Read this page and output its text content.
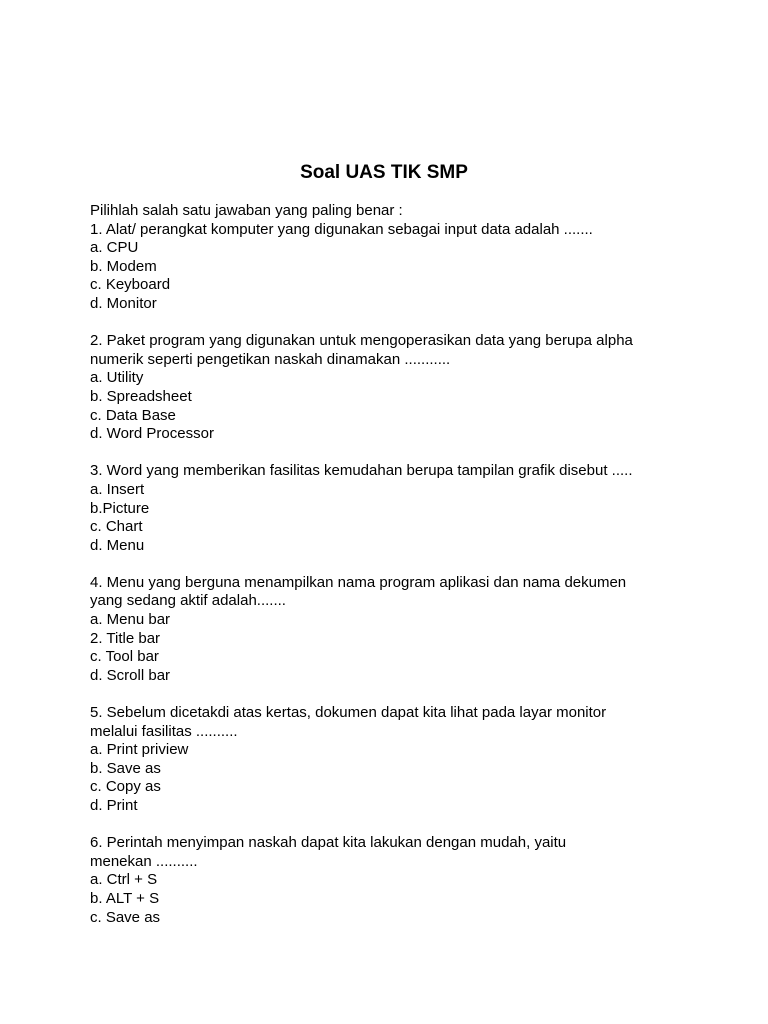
Soal UAS TIK SMP

Pilihlah salah satu jawaban yang paling benar :

1. Alat/ perangkat komputer yang digunakan sebagai input data adalah .......

a. CPU

b. Modem

c. Keyboard

d. Monitor

2. Paket program yang digunakan untuk mengoperasikan data yang berupa alpha

numerik seperti pengetikan naskah dinamakan ...........

a. Utility

b. Spreadsheet

c. Data Base

d. Word Processor

3. Word yang memberikan fasilitas kemudahan berupa tampilan grafik disebut .....

a. Insert

b.Picture

c. Chart

d. Menu

4. Menu yang berguna menampilkan nama program aplikasi dan nama dekumen

yang sedang aktif adalah.......

a. Menu bar

2. Title bar

c. Tool bar

d. Scroll bar

5. Sebelum dicetakdi atas kertas, dokumen dapat kita lihat pada layar monitor

melalui fasilitas ..........

a. Print priview

b. Save as

c. Copy as

d. Print

6. Perintah menyimpan naskah dapat kita lakukan dengan mudah, yaitu

menekan ..........

a. Ctrl + S

b. ALT + S

c. Save as
